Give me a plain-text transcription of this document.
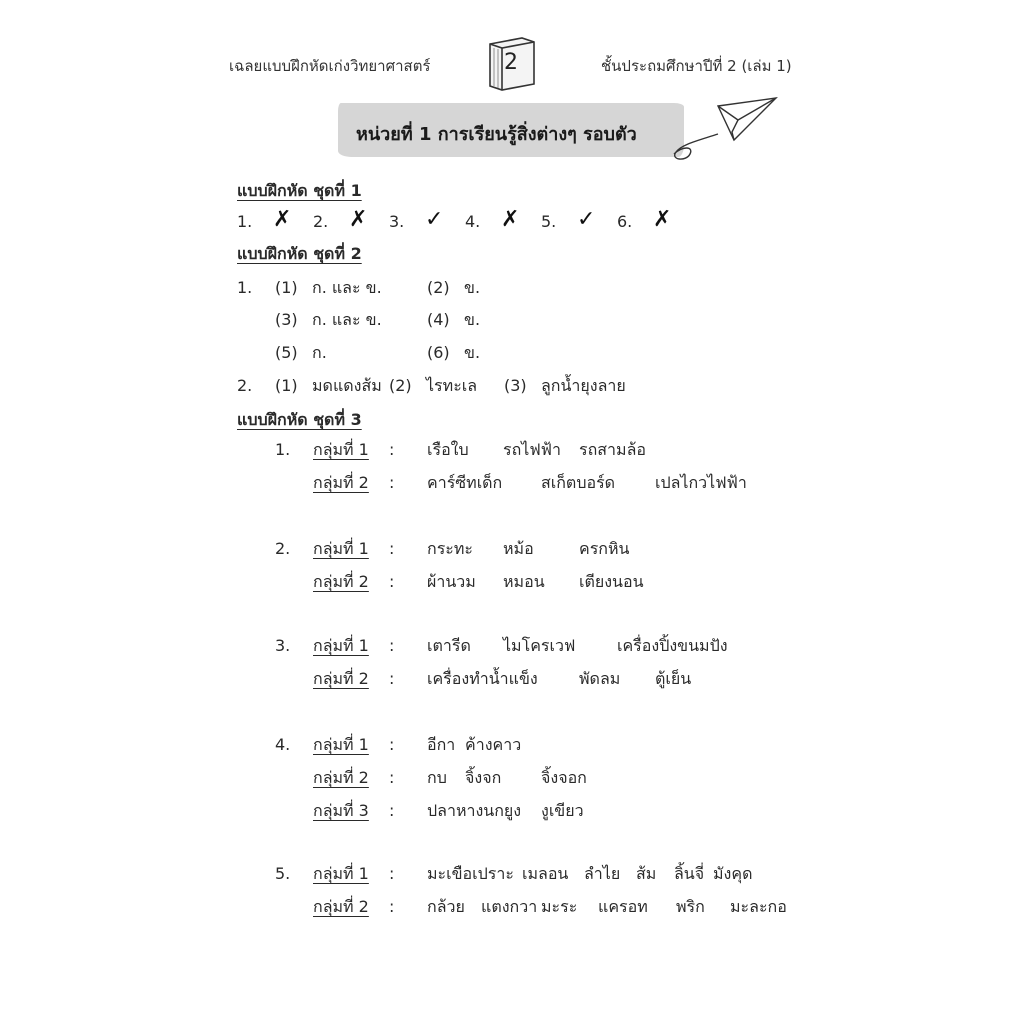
เฉลยแบบฝึกหัดเก่งวิทยาศาสตร์	2	ชั้นประถมศึกษาปีที่ 2 (เล่ม 1)
หน่วยที่ 1 การเรียนรู้สิ่งต่างๆ รอบตัว
แบบฝึกหัด ชุดที่ 1
1. ✗ 2. ✗ 3. ✓ 4. ✗ 5. ✓ 6. ✗
แบบฝึกหัด ชุดที่ 2
1. (1) ก. และ ข.	(2) ข.
(3) ก. และ ข.	(4) ข.
(5) ก.	(6) ข.
2. (1) มดแดงส้ม (2) ไรทะเล (3) ลูกน้ำยุงลาย
แบบฝึกหัด ชุดที่ 3
1. กลุ่มที่ 1 : เรือใบ รถไฟฟ้า รถสามล้อ
กลุ่มที่ 2 : คาร์ซีทเด็ก สเก็ตบอร์ด เปลไกวไฟฟ้า
2. กลุ่มที่ 1 : กระทะ หม้อ	ครกหิน
กลุ่มที่ 2 : ผ้านวม หมอน เตียงนอน
3. กลุ่มที่ 1 : เตารีด ไมโครเวฟ	เครื่องปิ้งขนมปัง
กลุ่มที่ 2 : เครื่องทำน้ำแข็ง	พัดลม ตู้เย็น
4. กลุ่มที่ 1 : อีกา ค้างคาว
กลุ่มที่ 2 : กบ จิ้งจก จิ้งจอก
กลุ่มที่ 3 : ปลาหางนกยูง งูเขียว
5. กลุ่มที่ 1 : มะเขือเปราะ เมลอน ลำไย ส้ม ลิ้นจี่ มังคุด
กลุ่มที่ 2 : กล้วย แตงกวา มะระ แครอท พริก มะละกอ
